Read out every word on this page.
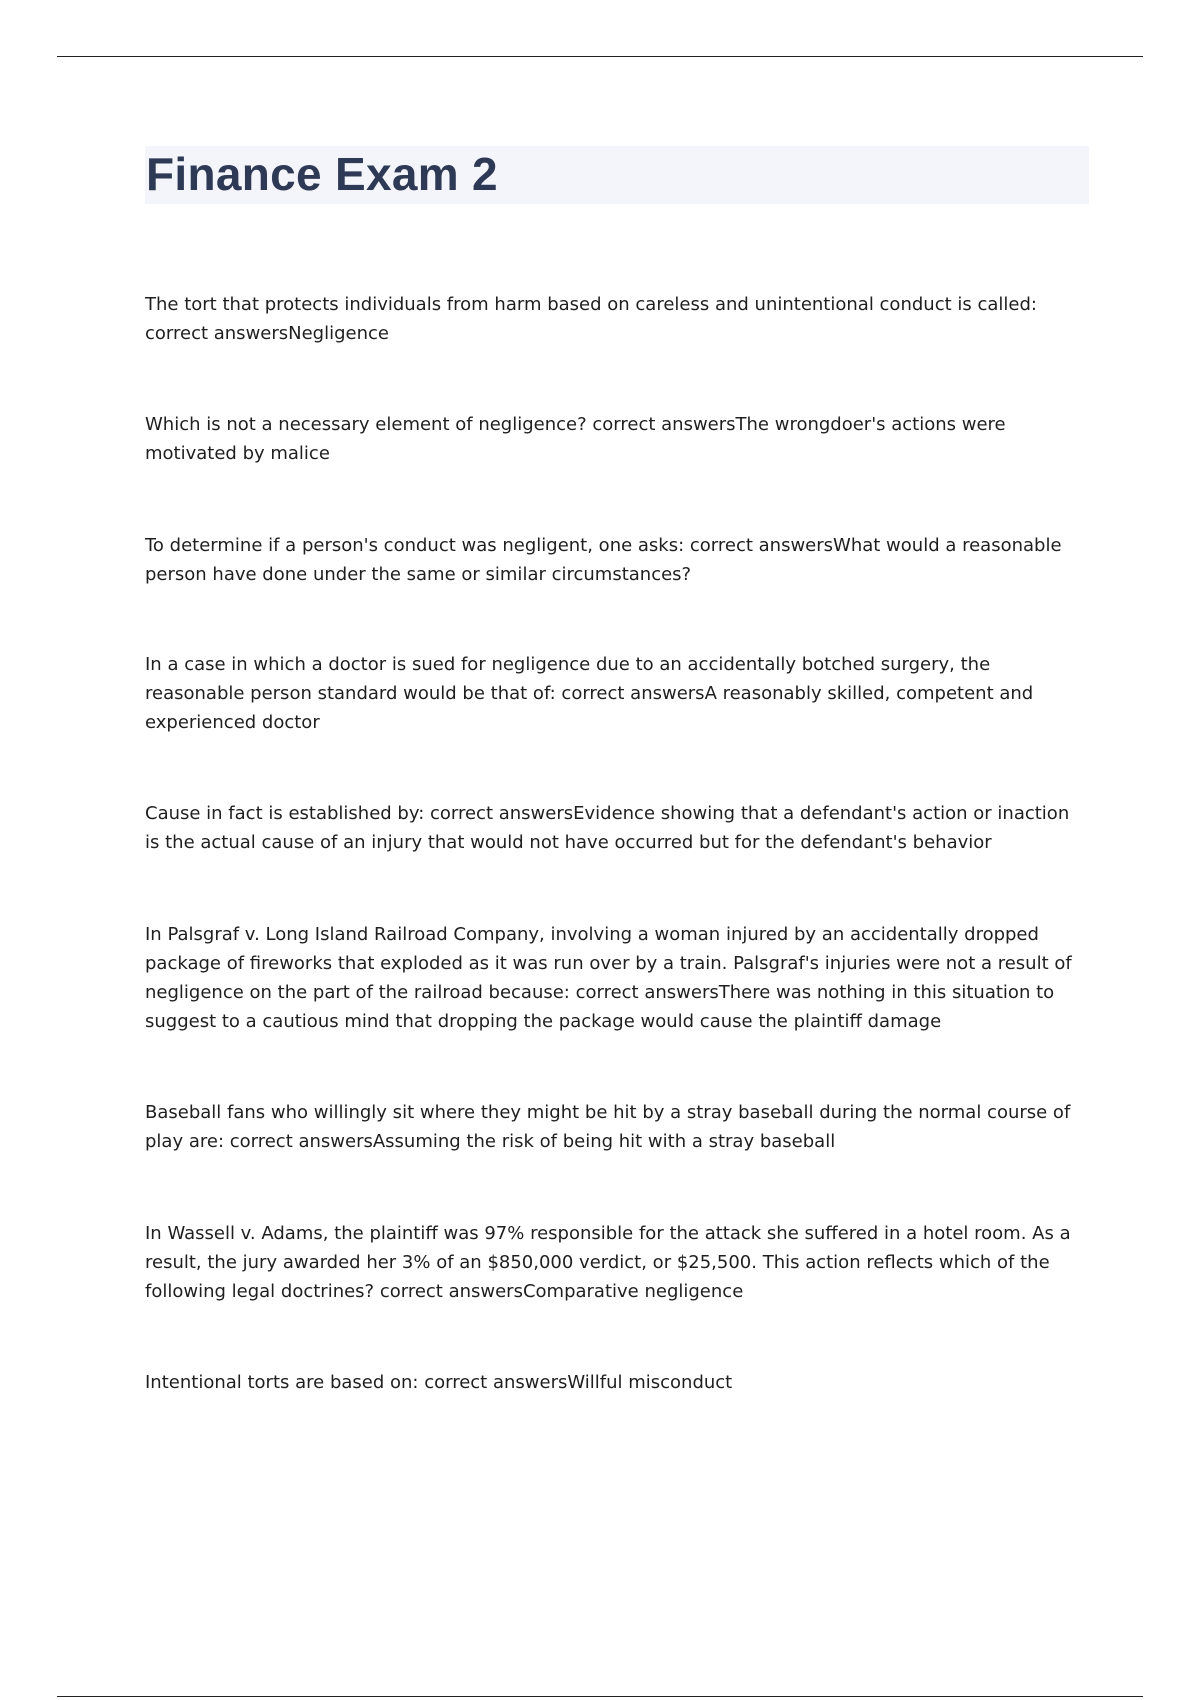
Finance Exam 2

The tort that protects individuals from harm based on careless and unintentional conduct is called: correct answersNegligence

Which is not a necessary element of negligence? correct answersThe wrongdoer's actions were motivated by malice

To determine if a person's conduct was negligent, one asks: correct answersWhat would a reasonable person have done under the same or similar circumstances?

In a case in which a doctor is sued for negligence due to an accidentally botched surgery, the reasonable person standard would be that of: correct answersA reasonably skilled, competent and experienced doctor

Cause in fact is established by: correct answersEvidence showing that a defendant's action or inaction is the actual cause of an injury that would not have occurred but for the defendant's behavior

In Palsgraf v. Long Island Railroad Company, involving a woman injured by an accidentally dropped package of fireworks that exploded as it was run over by a train. Palsgraf's injuries were not a result of negligence on the part of the railroad because: correct answersThere was nothing in this situation to suggest to a cautious mind that dropping the package would cause the plaintiff damage

Baseball fans who willingly sit where they might be hit by a stray baseball during the normal course of play are: correct answersAssuming the risk of being hit with a stray baseball

In Wassell v. Adams, the plaintiff was 97% responsible for the attack she suffered in a hotel room. As a result, the jury awarded her 3% of an $850,000 verdict, or $25,500. This action reflects which of the following legal doctrines? correct answersComparative negligence

Intentional torts are based on: correct answersWillful misconduct
